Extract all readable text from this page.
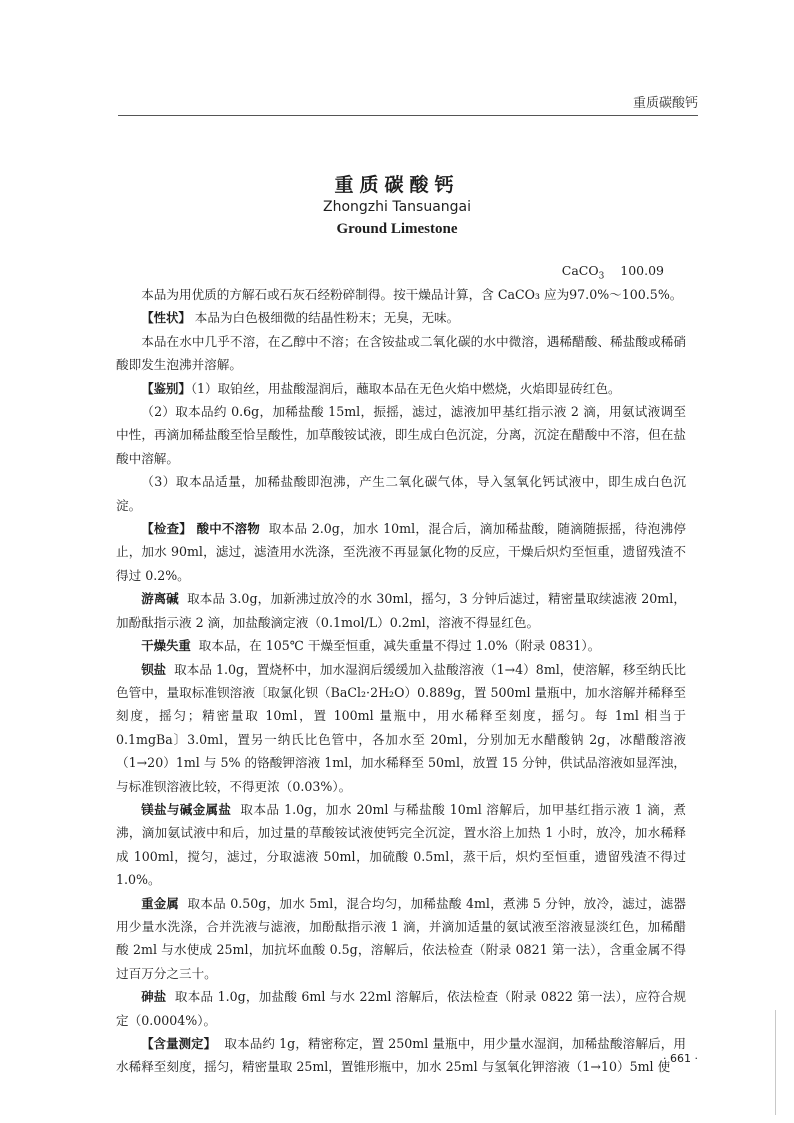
重质碳酸钙
重质碳酸钙
Zhongzhi Tansuangai
Ground Limestone
CaCO$_3$ 100.09

本品为用优质的方解石或石灰石经粉碎制得。按干燥品计算，含 CaCO₃ 应为97.0%～100.5%。

【性状】 本品为白色极细微的结晶性粉末；无臭，无味。

本品在水中几乎不溶，在乙醇中不溶；在含铵盐或二氧化碳的水中微溶，遇稀醋酸、稀盐酸或稀硝酸即发生泡沸并溶解。

【鉴别】（1）取铂丝，用盐酸湿润后，蘸取本品在无色火焰中燃烧，火焰即显砖红色。

（2）取本品约 0.6g，加稀盐酸 15ml，振摇，滤过，滤液加甲基红指示液 2 滴，用氨试液调至中性，再滴加稀盐酸至恰呈酸性，加草酸铵试液，即生成白色沉淀，分离，沉淀在醋酸中不溶，但在盐酸中溶解。

（3）取本品适量，加稀盐酸即泡沸，产生二氧化碳气体，导入氢氧化钙试液中，即生成白色沉淀。

【检查】 酸中不溶物 取本品 2.0g，加水 10ml，混合后，滴加稀盐酸，随滴随振摇，待泡沸停止，加水 90ml，滤过，滤渣用水洗涤，至洗液不再显氯化物的反应，干燥后炽灼至恒重，遗留残渣不得过 0.2%。

游离碱 取本品 3.0g，加新沸过放冷的水 30ml，摇匀，3 分钟后滤过，精密量取续滤液 20ml，加酚酞指示液 2 滴，加盐酸滴定液（0.1mol/L）0.2ml，溶液不得显红色。

干燥失重 取本品，在 105℃ 干燥至恒重，减失重量不得过 1.0%（附录 0831）。

钡盐 取本品 1.0g，置烧杯中，加水湿润后缓缓加入盐酸溶液（1→4）8ml，使溶解，移至纳氏比色管中，量取标准钡溶液〔取氯化钡（BaCl₂·2H₂O）0.889g，置 500ml 量瓶中，加水溶解并稀释至刻度，摇匀；精密量取 10ml，置 100ml 量瓶中，用水稀释至刻度，摇匀。每 1ml 相当于 0.1mgBa〕3.0ml，置另一纳氏比色管中，各加水至 20ml，分别加无水醋酸钠 2g，冰醋酸溶液（1→20）1ml 与 5% 的铬酸钾溶液 1ml，加水稀释至 50ml，放置 15 分钟，供试品溶液如显浑浊，与标准钡溶液比较，不得更浓（0.03%）。

镁盐与碱金属盐 取本品 1.0g，加水 20ml 与稀盐酸 10ml 溶解后，加甲基红指示液 1 滴，煮沸，滴加氨试液中和后，加过量的草酸铵试液使钙完全沉淀，置水浴上加热 1 小时，放冷，加水稀释成 100ml，搅匀，滤过，分取滤液 50ml，加硫酸 0.5ml，蒸干后，炽灼至恒重，遗留残渣不得过 1.0%。

重金属 取本品 0.50g，加水 5ml，混合均匀，加稀盐酸 4ml，煮沸 5 分钟，放冷，滤过，滤器用少量水洗涤，合并洗液与滤液，加酚酞指示液 1 滴，并滴加适量的氨试液至溶液显淡红色，加稀醋酸 2ml 与水使成 25ml，加抗坏血酸 0.5g，溶解后，依法检查（附录 0821 第一法），含重金属不得过百万分之三十。

砷盐 取本品 1.0g，加盐酸 6ml 与水 22ml 溶解后，依法检查（附录 0822 第一法），应符合规定（0.0004%）。

【含量测定】 取本品约 1g，精密称定，置 250ml 量瓶中，用少量水湿润，加稀盐酸溶解后，用水稀释至刻度，摇匀，精密量取 25ml，置锥形瓶中，加水 25ml 与氢氧化钾溶液（1→10）5ml 使

· 661 ·
